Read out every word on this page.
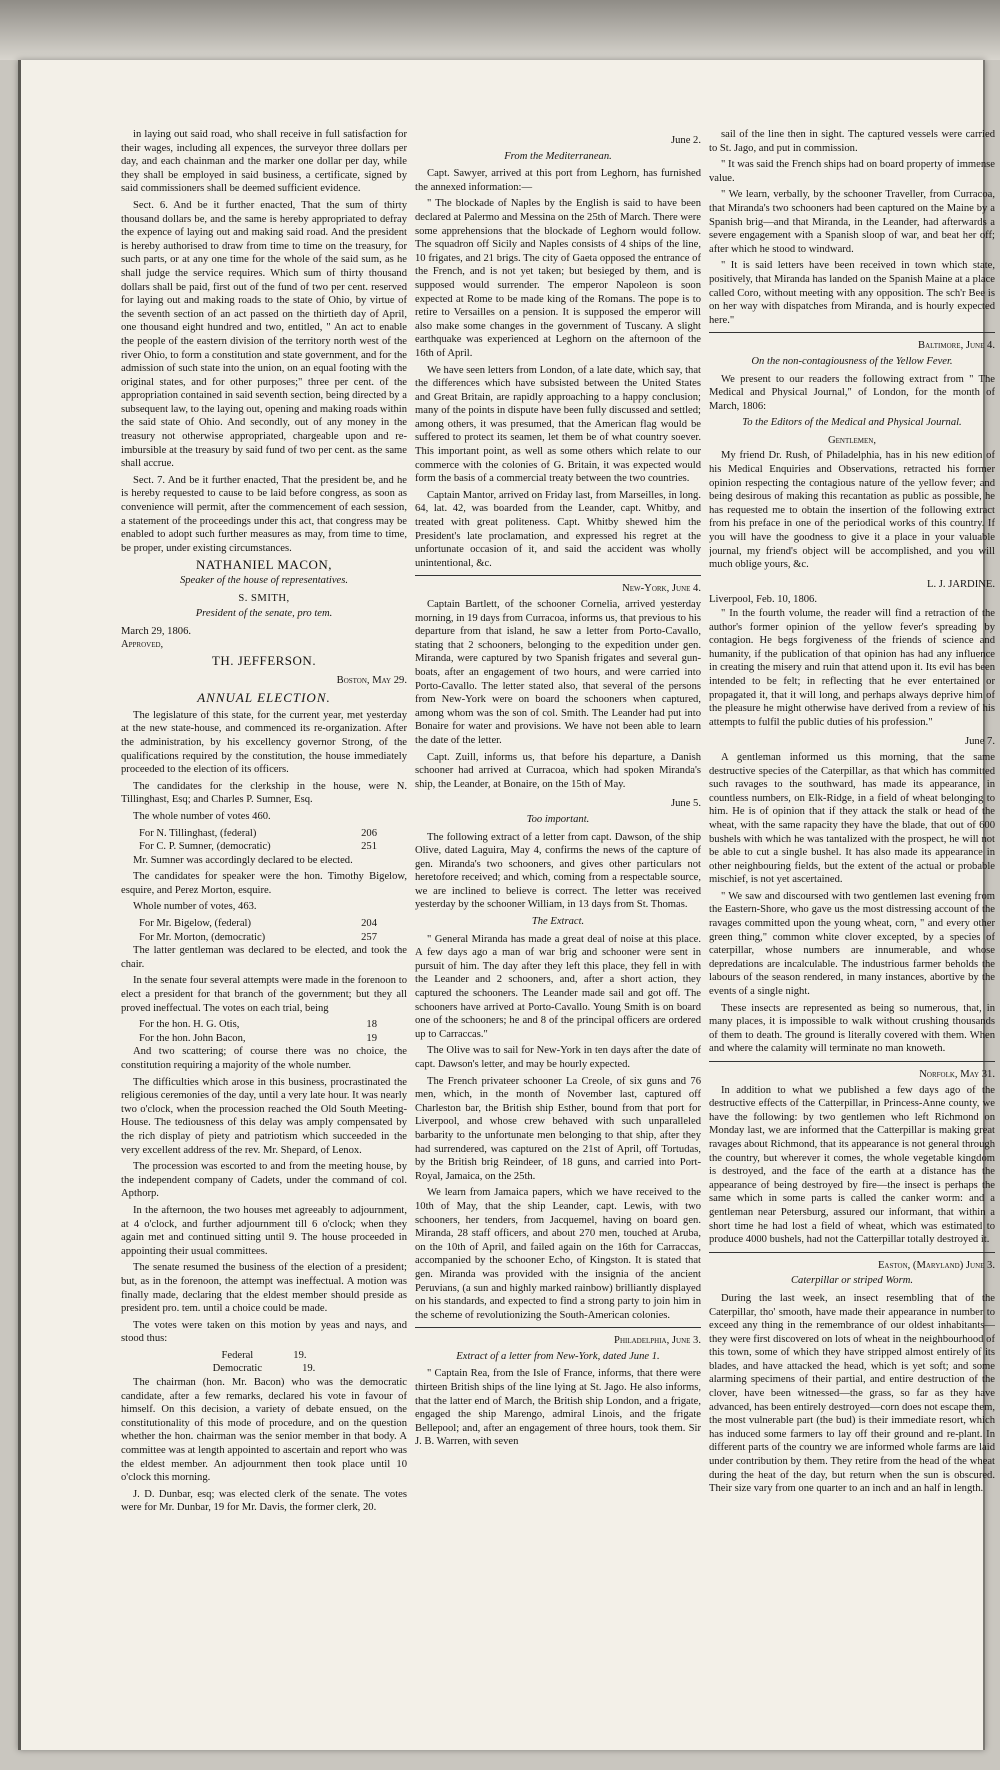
in laying out said road, who shall receive in full satisfaction for their wages, including all expences, the surveyor three dollars per day, and each chainman and the marker one dollar per day, while they shall be employed in said business, a certificate, signed by said commissioners shall be deemed sufficient evidence.

Sect. 6. And be it further enacted, That the sum of thirty thousand dollars be, and the same is hereby appropriated to defray the expence of laying out and making said road. And the president is hereby authorised to draw from time to time on the treasury, for such parts, or at any one time for the whole of the said sum, as he shall judge the service requires. Which sum of thirty thousand dollars shall be paid, first out of the fund of two per cent. reserved for laying out and making roads to the state of Ohio, by virtue of the seventh section of an act passed on the thirtieth day of April, one thousand eight hundred and two, entitled, " An act to enable the people of the eastern division of the territory north west of the river Ohio, to form a constitution and state government, and for the admission of such state into the union, on an equal footing with the original states, and for other purposes;" three per cent. of the appropriation contained in said seventh section, being directed by a subsequent law, to the laying out, opening and making roads within the said state of Ohio. And secondly, out of any money in the treasury not otherwise appropriated, chargeable upon and re-imbursible at the treasury by said fund of two per cent. as the same shall accrue.

Sect. 7. And be it further enacted, That the president be, and he is hereby requested to cause to be laid before congress, as soon as convenience will permit, after the commencement of each session, a statement of the proceedings under this act, that congress may be enabled to adopt such further measures as may, from time to time, be proper, under existing circumstances.

NATHANIEL MACON,
Speaker of the house of representatives.
S. SMITH,
President of the senate, pro tem.
March 29, 1806.
Approved,
TH. JEFFERSON.
Boston, May 29.
ANNUAL ELECTION.

The legislature of this state, for the current year, met yesterday at the new state-house, and commenced its re-organization. After the administration, by his excellency governor Strong, of the qualifications required by the constitution, the house immediately proceeded to the election of its officers.

The candidates for the clerkship in the house, were N. Tillinghast, Esq; and Charles P. Sumner, Esq.

The whole number of votes 460.

For N. Tillinghast, (federal)	206
For C. P. Sumner, (democratic)	251

Mr. Sumner was accordingly declared to be elected.

The candidates for speaker were the hon. Timothy Bigelow, esquire, and Perez Morton, esquire.

Whole number of votes, 463.

For Mr. Bigelow, (federal)	204
For Mr. Morton, (democratic)	257

The latter gentleman was declared to be elected, and took the chair.

In the senate four several attempts were made in the forenoon to elect a president for that branch of the government; but they all proved ineffectual. The votes on each trial, being

For the hon. H. G. Otis,	18
For the hon. John Bacon,	19

And two scattering; of course there was no choice, the constitution requiring a majority of the whole number.

The difficulties which arose in this business, procrastinated the religious ceremonies of the day, until a very late hour. It was nearly two o'clock, when the procession reached the Old South Meeting-House. The tediousness of this delay was amply compensated by the rich display of piety and patriotism which succeeded in the very excellent address of the rev. Mr. Shepard, of Lenox.

The procession was escorted to and from the meeting house, by the independent company of Cadets, under the command of col. Apthorp.

In the afternoon, the two houses met agreeably to adjournment, at 4 o'clock, and further adjournment till 6 o'clock; when they again met and continued sitting until 9. The house proceeded in appointing their usual committees.

The senate resumed the business of the election of a president; but, as in the forenoon, the attempt was ineffectual. A motion was finally made, declaring that the eldest member should preside as president pro. tem. until a choice could be made.

The votes were taken on this motion by yeas and nays, and stood thus:

Federal	19.
Democratic	19.

The chairman (hon. Mr. Bacon) who was the democratic candidate, after a few remarks, declared his vote in favour of himself. On this decision, a variety of debate ensued, on the constitutionality of this mode of procedure, and on the question whether the hon. chairman was the senior member in that body. A committee was at length appointed to ascertain and report who was the eldest member. An adjournment then took place until 10 o'clock this morning.

J. D. Dunbar, esq; was elected clerk of the senate. The votes were for Mr. Dunbar, 19 for Mr. Davis, the former clerk, 20.

June 2.
From the Mediterranean.

Capt. Sawyer, arrived at this port from Leghorn, has furnished the annexed information:—

" The blockade of Naples by the English is said to have been declared at Palermo and Messina on the 25th of March. There were some apprehensions that the blockade of Leghorn would follow. The squadron off Sicily and Naples consists of 4 ships of the line, 10 frigates, and 21 brigs. The city of Gaeta opposed the entrance of the French, and is not yet taken; but besieged by them, and is supposed would surrender. The emperor Napoleon is soon expected at Rome to be made king of the Romans. The pope is to retire to Versailles on a pension. It is supposed the emperor will also make some changes in the government of Tuscany. A slight earthquake was experienced at Leghorn on the afternoon of the 16th of April.

We have seen letters from London, of a late date, which say, that the differences which have subsisted between the United States and Great Britain, are rapidly approaching to a happy conclusion; many of the points in dispute have been fully discussed and settled; among others, it was presumed, that the American flag would be suffered to protect its seamen, let them be of what country soever. This important point, as well as some others which relate to our commerce with the colonies of G. Britain, it was expected would form the basis of a commercial treaty between the two countries.

Captain Mantor, arrived on Friday last, from Marseilles, in long. 64, lat. 42, was boarded from the Leander, capt. Whitby, and treated with great politeness. Capt. Whitby shewed him the President's late proclamation, and expressed his regret at the unfortunate occasion of it, and said the accident was wholly unintentional, &c.

New-York, June 4.

Captain Bartlett, of the schooner Cornelia, arrived yesterday morning, in 19 days from Curracoa, informs us, that previous to his departure from that island, he saw a letter from Porto-Cavallo, stating that 2 schooners, belonging to the expedition under gen. Miranda, were captured by two Spanish frigates and several gun-boats, after an engagement of two hours, and were carried into Porto-Cavallo. The letter stated also, that several of the persons from New-York were on board the schooners when captured, among whom was the son of col. Smith. The Leander had put into Bonaire for water and provisions. We have not been able to learn the date of the letter.

Capt. Zuill, informs us, that before his departure, a Danish schooner had arrived at Curracoa, which had spoken Miranda's ship, the Leander, at Bonaire, on the 15th of May.

June 5.
Too important.

The following extract of a letter from capt. Dawson, of the ship Olive, dated Laguira, May 4, confirms the news of the capture of gen. Miranda's two schooners, and gives other particulars not heretofore received; and which, coming from a respectable source, we are inclined to believe is correct. The letter was received yesterday by the schooner William, in 13 days from St. Thomas.

The Extract.

" General Miranda has made a great deal of noise at this place. A few days ago a man of war brig and schooner were sent in pursuit of him. The day after they left this place, they fell in with the Leander and 2 schooners, and, after a short action, they captured the schooners. The Leander made sail and got off. The schooners have arrived at Porto-Cavallo. Young Smith is on board one of the schooners; he and 8 of the principal officers are ordered up to Carraccas."

The Olive was to sail for New-York in ten days after the date of capt. Dawson's letter, and may be hourly expected.

The French privateer schooner La Creole, of six guns and 76 men, which, in the month of November last, captured off Charleston bar, the British ship Esther, bound from that port for Liverpool, and whose crew behaved with such unparalleled barbarity to the unfortunate men belonging to that ship, after they had surrendered, was captured on the 21st of April, off Tortudas, by the British brig Reindeer, of 18 guns, and carried into Port-Royal, Jamaica, on the 25th.

We learn from Jamaica papers, which we have received to the 10th of May, that the ship Leander, capt. Lewis, with two schooners, her tenders, from Jacquemel, having on board gen. Miranda, 28 staff officers, and about 270 men, touched at Aruba, on the 10th of April, and failed again on the 16th for Carraccas, accompanied by the schooner Echo, of Kingston. It is stated that gen. Miranda was provided with the insignia of the ancient Peruvians, (a sun and highly marked rainbow) brilliantly displayed on his standards, and expected to find a strong party to join him in the scheme of revolutionizing the South-American colonies.

Philadelphia, June 3.
Extract of a letter from New-York, dated June 1.

" Captain Rea, from the Isle of France, informs, that there were thirteen British ships of the line lying at St. Jago. He also informs, that the latter end of March, the British ship London, and a frigate, engaged the ship Marengo, admiral Linois, and the frigate Bellepool; and, after an engagement of three hours, took them. Sir J. B. Warren, with seven

sail of the line then in sight. The captured vessels were carried to St. Jago, and put in commission.

" It was said the French ships had on board property of immense value.

" We learn, verbally, by the schooner Traveller, from Curracoa, that Miranda's two schooners had been captured on the Maine by a Spanish brig—and that Miranda, in the Leander, had afterwards a severe engagement with a Spanish sloop of war, and beat her off; after which he stood to windward.

" It is said letters have been received in town which state, positively, that Miranda has landed on the Spanish Maine at a place called Coro, without meeting with any opposition. The sch'r Bee is on her way with dispatches from Miranda, and is hourly expected here."

Baltimore, June 4.
On the non-contagiousness of the Yellow Fever.

We present to our readers the following extract from " The Medical and Physical Journal," of London, for the month of March, 1806:

To the Editors of the Medical and Physical Journal.
Gentlemen,

My friend Dr. Rush, of Philadelphia, has in his new edition of his Medical Enquiries and Observations, retracted his former opinion respecting the contagious nature of the yellow fever; and being desirous of making this recantation as public as possible, he has requested me to obtain the insertion of the following extract from his preface in one of the periodical works of this country. If you will have the goodness to give it a place in your valuable journal, my friend's object will be accomplished, and you will much oblige yours, &c.

L. J. JARDINE.
Liverpool, Feb. 10, 1806.

" In the fourth volume, the reader will find a retraction of the author's former opinion of the yellow fever's spreading by contagion. He begs forgiveness of the friends of science and humanity, if the publication of that opinion has had any influence in creating the misery and ruin that attend upon it. Its evil has been intended to be felt; in reflecting that he ever entertained or propagated it, that it will long, and perhaps always deprive him of the pleasure he might otherwise have derived from a review of his attempts to fulfil the public duties of his profession."

June 7.

A gentleman informed us this morning, that the same destructive species of the Caterpillar, as that which has committed such ravages to the southward, has made its appearance, in countless numbers, on Elk-Ridge, in a field of wheat belonging to him. He is of opinion that if they attack the stalk or head of the wheat, with the same rapacity they have the blade, that out of 600 bushels with which he was tantalized with the prospect, he will not be able to cut a single bushel. It has also made its appearance in other neighbouring fields, but the extent of the actual or probable mischief, is not yet ascertained.

" We saw and discoursed with two gentlemen last evening from the Eastern-Shore, who gave us the most distressing account of the ravages committed upon the young wheat, corn, " and every other green thing," common white clover excepted, by a species of caterpillar, whose numbers are innumerable, and whose depredations are incalculable. The industrious farmer beholds the labours of the season rendered, in many instances, abortive by the events of a single night.

These insects are represented as being so numerous, that, in many places, it is impossible to walk without crushing thousands of them to death. The ground is literally covered with them. When and where the calamity will terminate no man knoweth.

Norfolk, May 31.

In addition to what we published a few days ago of the destructive effects of the Catterpillar, in Princess-Anne county, we have the following: by two gentlemen who left Richmond on Monday last, we are informed that the Catterpillar is making great ravages about Richmond, that its appearance is not general through the country, but wherever it comes, the whole vegetable kingdom is destroyed, and the face of the earth at a distance has the appearance of being destroyed by fire—the insect is perhaps the same which in some parts is called the canker worm: and a gentleman near Petersburg, assured our informant, that within a short time he had lost a field of wheat, which was estimated to produce 4000 bushels, had not the Catterpillar totally destroyed it.

Easton, (Maryland) June 3.
Caterpillar or striped Worm.

During the last week, an insect resembling that of the Caterpillar, tho' smooth, have made their appearance in number to exceed any thing in the remembrance of our oldest inhabitants—they were first discovered on lots of wheat in the neighbourhood of this town, some of which they have stripped almost entirely of its blades, and have attacked the head, which is yet soft; and some alarming specimens of their partial, and entire destruction of the clover, have been witnessed—the grass, so far as they have advanced, has been entirely destroyed—corn does not escape them, the most vulnerable part (the bud) is their immediate resort, which has induced some farmers to lay off their ground and re-plant. In different parts of the country we are informed whole farms are laid under contribution by them. They retire from the head of the wheat during the heat of the day, but return when the sun is obscured. Their size vary from one quarter to an inch and an half in length.
